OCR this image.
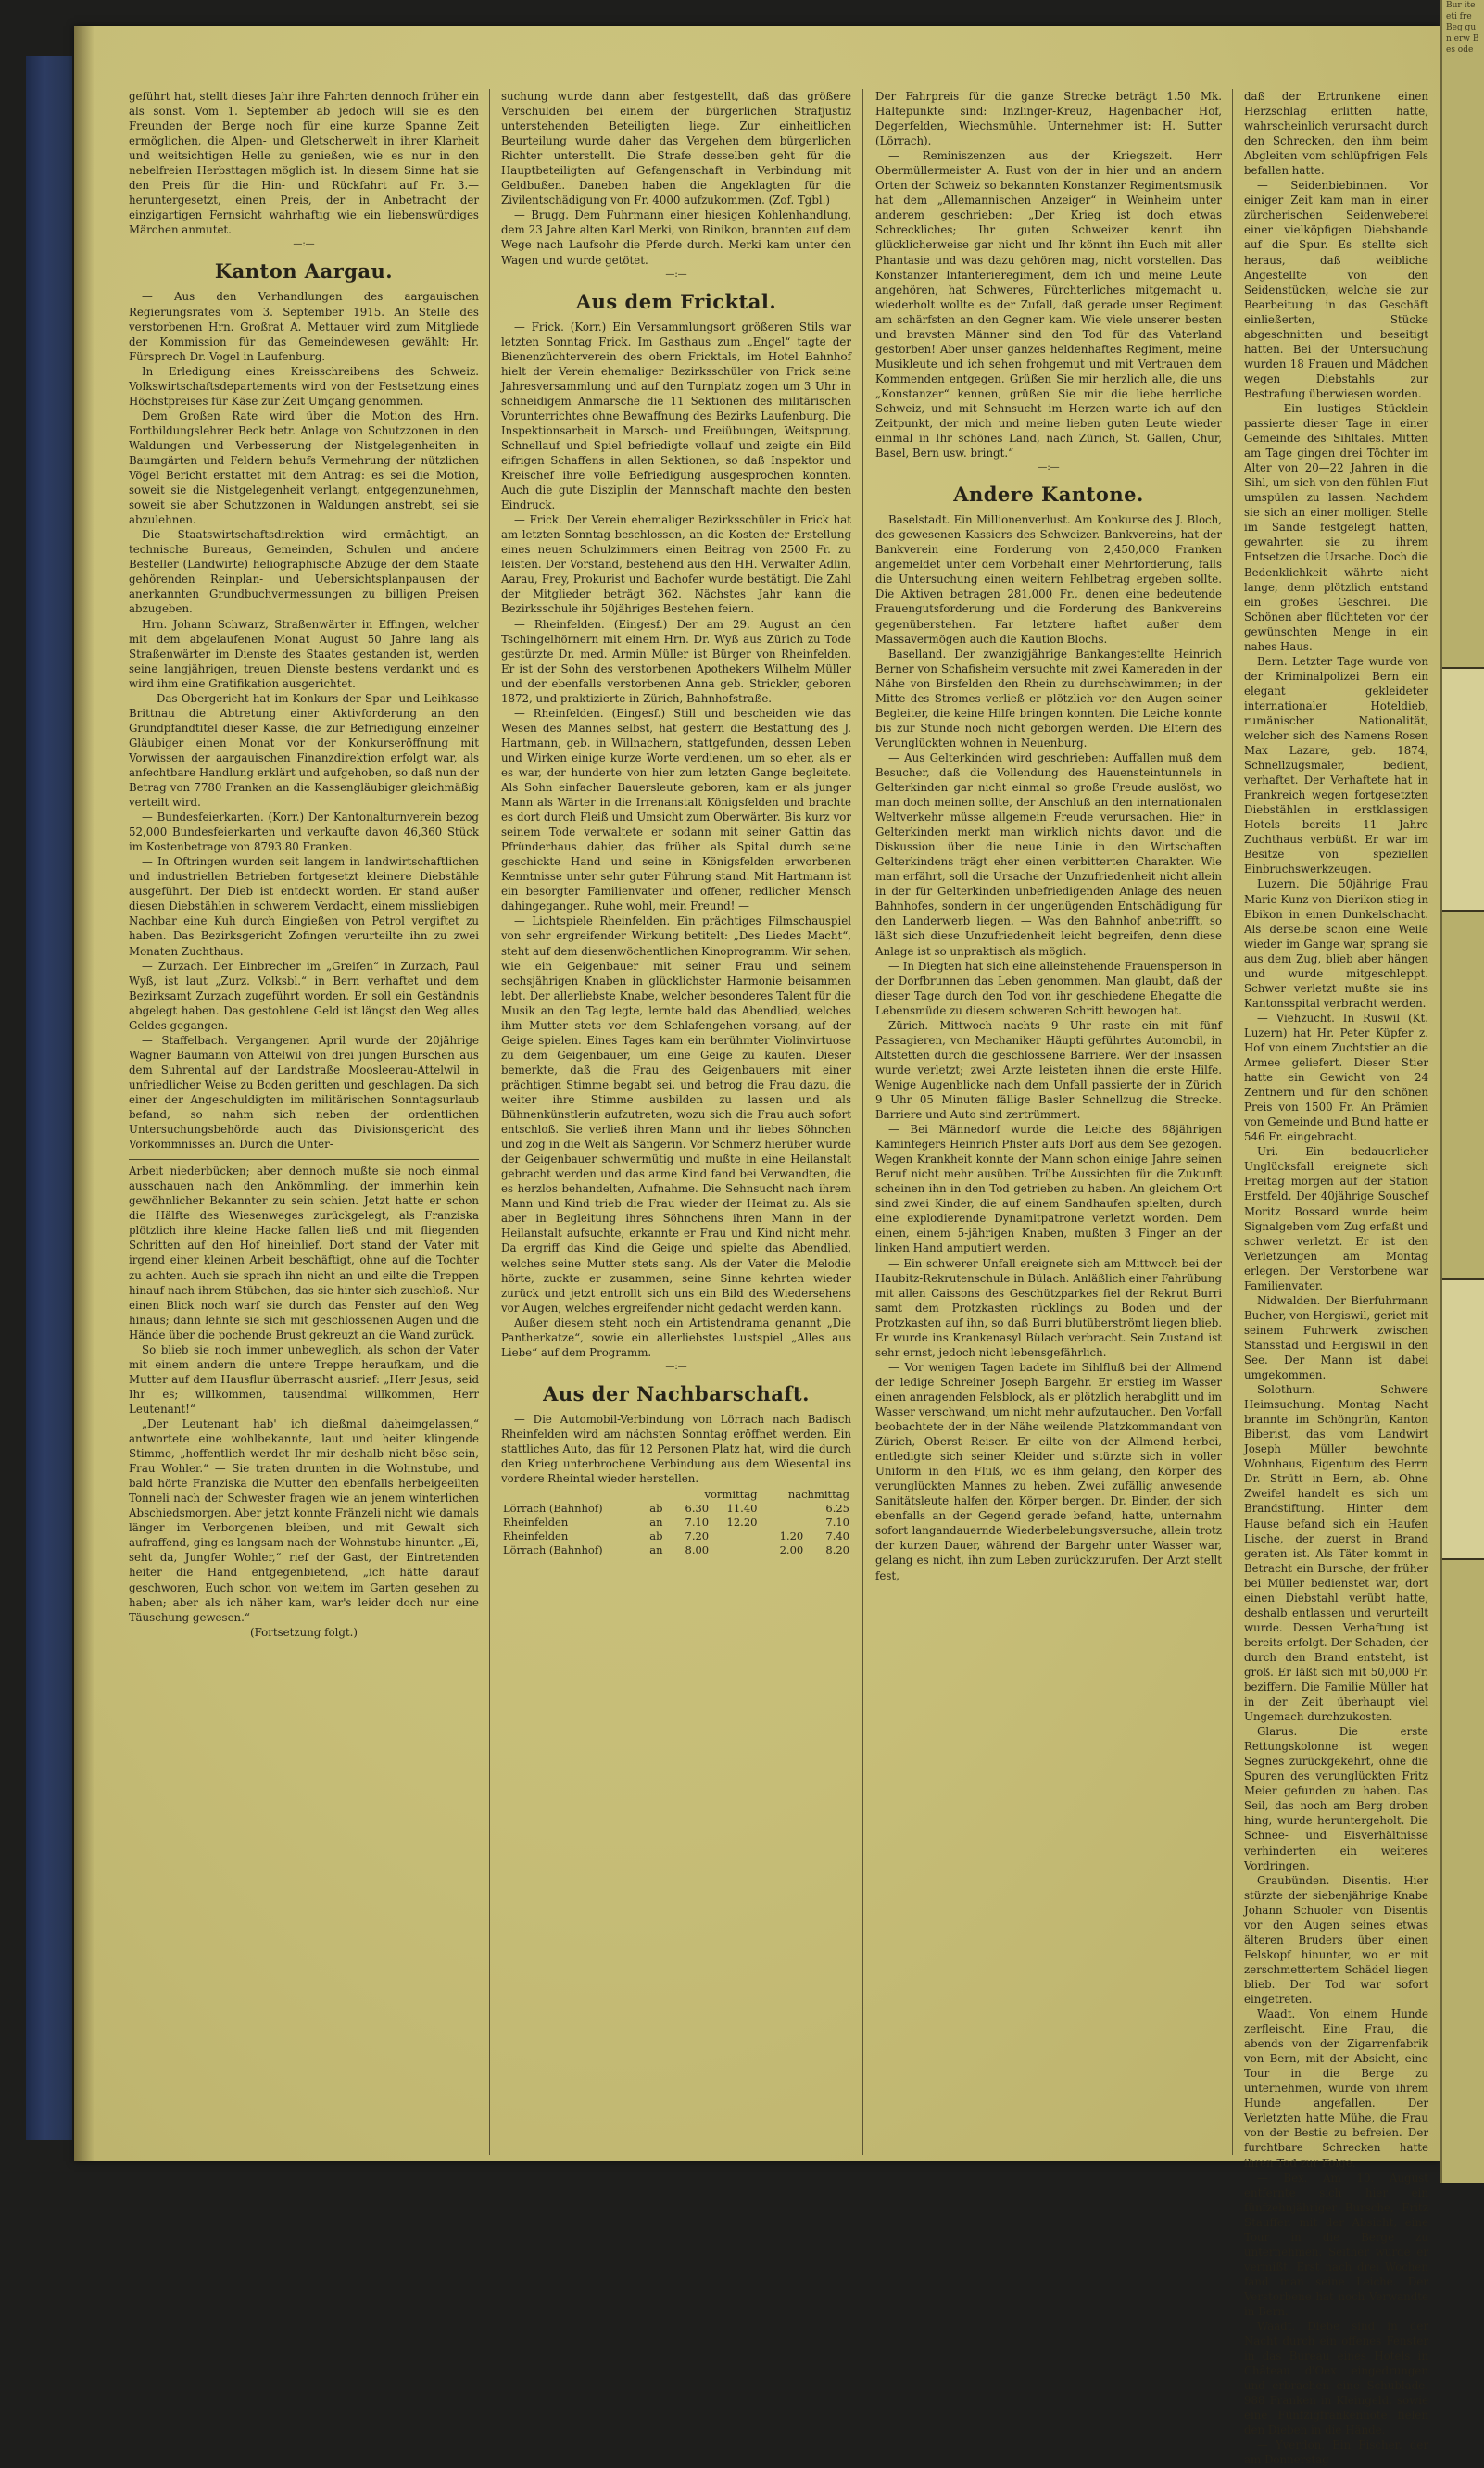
geführt hat, stellt dieses Jahr ihre Fahrten dennoch früher ein als sonst. Vom 1. September ab jedoch will sie es den Freunden der Berge noch für eine kurze Spanne Zeit ermöglichen, die Alpen- und Gletscherwelt in ihrer Klarheit und weitsichtigen Helle zu genießen, wie es nur in den nebelfreien Herbsttagen möglich ist. In diesem Sinne hat sie den Preis für die Hin- und Rückfahrt auf Fr. 3.— heruntergesetzt, einen Preis, der in Anbetracht der einzigartigen Fernsicht wahrhaftig wie ein liebenswürdiges Märchen anmutet.

—:—
Kanton Aargau.

— Aus den Verhandlungen des aargauischen Regierungsrates vom 3. September 1915. An Stelle des verstorbenen Hrn. Großrat A. Mettauer wird zum Mitgliede der Kommission für das Gemeindewesen gewählt: Hr. Fürsprech Dr. Vogel in Laufenburg.

In Erledigung eines Kreisschreibens des Schweiz. Volkswirtschaftsdepartements wird von der Festsetzung eines Höchstpreises für Käse zur Zeit Umgang genommen.

Dem Großen Rate wird über die Motion des Hrn. Fortbildungslehrer Beck betr. Anlage von Schutzzonen in den Waldungen und Verbesserung der Nistgelegenheiten in Baumgärten und Feldern behufs Vermehrung der nützlichen Vögel Bericht erstattet mit dem Antrag: es sei die Motion, soweit sie die Nistgelegenheit verlangt, entgegenzunehmen, soweit sie aber Schutzzonen in Waldungen anstrebt, sei sie abzulehnen.

Die Staatswirtschaftsdirektion wird ermächtigt, an technische Bureaus, Gemeinden, Schulen und andere Besteller (Landwirte) heliographische Abzüge der dem Staate gehörenden Reinplan- und Uebersichtsplanpausen der anerkannten Grundbuchvermessungen zu billigen Preisen abzugeben.

Hrn. Johann Schwarz, Straßenwärter in Effingen, welcher mit dem abgelaufenen Monat August 50 Jahre lang als Straßenwärter im Dienste des Staates gestanden ist, werden seine langjährigen, treuen Dienste bestens verdankt und es wird ihm eine Gratifikation ausgerichtet.

— Das Obergericht hat im Konkurs der Spar- und Leihkasse Brittnau die Abtretung einer Aktivforderung an den Grundpfandtitel dieser Kasse, die zur Befriedigung einzelner Gläubiger einen Monat vor der Konkurseröffnung mit Vorwissen der aargauischen Finanzdirektion erfolgt war, als anfechtbare Handlung erklärt und aufgehoben, so daß nun der Betrag von 7780 Franken an die Kassengläubiger gleichmäßig verteilt wird.

— Bundesfeierkarten. (Korr.) Der Kantonalturnverein bezog 52,000 Bundesfeierkarten und verkaufte davon 46,360 Stück im Kostenbetrage von 8793.80 Franken.

— In Oftringen wurden seit langem in landwirtschaftlichen und industriellen Betrieben fortgesetzt kleinere Diebstähle ausgeführt. Der Dieb ist entdeckt worden. Er stand außer diesen Diebstählen in schwerem Verdacht, einem missliebigen Nachbar eine Kuh durch Eingießen von Petrol vergiftet zu haben. Das Bezirksgericht Zofingen verurteilte ihn zu zwei Monaten Zuchthaus.

— Zurzach. Der Einbrecher im „Greifen“ in Zurzach, Paul Wyß, ist laut „Zurz. Volksbl.“ in Bern verhaftet und dem Bezirksamt Zurzach zugeführt worden. Er soll ein Geständnis abgelegt haben. Das gestohlene Geld ist längst den Weg alles Geldes gegangen.

— Staffelbach. Vergangenen April wurde der 20jährige Wagner Baumann von Attelwil von drei jungen Burschen aus dem Suhrental auf der Landstraße Moosleerau-Attelwil in unfriedlicher Weise zu Boden geritten und geschlagen. Da sich einer der Angeschuldigten im militärischen Sonntagsurlaub befand, so nahm sich neben der ordentlichen Untersuchungsbehörde auch das Divisionsgericht des Vorkommnisses an. Durch die Unter-

Arbeit niederbücken; aber dennoch mußte sie noch einmal ausschauen nach den Ankömmling, der immerhin kein gewöhnlicher Bekannter zu sein schien. Jetzt hatte er schon die Hälfte des Wiesenweges zurückgelegt, als Franziska plötzlich ihre kleine Hacke fallen ließ und mit fliegenden Schritten auf den Hof hineinlief. Dort stand der Vater mit irgend einer kleinen Arbeit beschäftigt, ohne auf die Tochter zu achten. Auch sie sprach ihn nicht an und eilte die Treppen hinauf nach ihrem Stübchen, das sie hinter sich zuschloß. Nur einen Blick noch warf sie durch das Fenster auf den Weg hinaus; dann lehnte sie sich mit geschlossenen Augen und die Hände über die pochende Brust gekreuzt an die Wand zurück.

So blieb sie noch immer unbeweglich, als schon der Vater mit einem andern die untere Treppe heraufkam, und die Mutter auf dem Hausflur überrascht ausrief: „Herr Jesus, seid Ihr es; willkommen, tausendmal willkommen, Herr Leutenant!“

„Der Leutenant hab' ich dießmal daheimgelassen,“ antwortete eine wohlbekannte, laut und heiter klingende Stimme, „hoffentlich werdet Ihr mir deshalb nicht böse sein, Frau Wohler.“ — Sie traten drunten in die Wohnstube, und bald hörte Franziska die Mutter den ebenfalls herbeigeeilten Tonneli nach der Schwester fragen wie an jenem winterlichen Abschiedsmorgen. Aber jetzt konnte Fränzeli nicht wie damals länger im Verborgenen bleiben, und mit Gewalt sich aufraffend, ging es langsam nach der Wohnstube hinunter. „Ei, seht da, Jungfer Wohler,“ rief der Gast, der Eintretenden heiter die Hand entgegenbietend, „ich hätte darauf geschworen, Euch schon von weitem im Garten gesehen zu haben; aber als ich näher kam, war's leider doch nur eine Täuschung gewesen.“

(Fortsetzung folgt.)

suchung wurde dann aber festgestellt, daß das größere Verschulden bei einem der bürgerlichen Strafjustiz unterstehenden Beteiligten liege. Zur einheitlichen Beurteilung wurde daher das Vergehen dem bürgerlichen Richter unterstellt. Die Strafe desselben geht für die Hauptbeteiligten auf Gefangenschaft in Verbindung mit Geldbußen. Daneben haben die Angeklagten für die Zivilentschädigung von Fr. 4000 aufzukommen. (Zof. Tgbl.)

— Brugg. Dem Fuhrmann einer hiesigen Kohlenhandlung, dem 23 Jahre alten Karl Merki, von Rinikon, brannten auf dem Wege nach Laufsohr die Pferde durch. Merki kam unter den Wagen und wurde getötet.

—:—
Aus dem Fricktal.

— Frick. (Korr.) Ein Versammlungsort größeren Stils war letzten Sonntag Frick. Im Gasthaus zum „Engel“ tagte der Bienenzüchterverein des obern Fricktals, im Hotel Bahnhof hielt der Verein ehemaliger Bezirksschüler von Frick seine Jahresversammlung und auf den Turnplatz zogen um 3 Uhr in schneidigem Anmarsche die 11 Sektionen des militärischen Vorunterrichtes ohne Bewaffnung des Bezirks Laufenburg. Die Inspektionsarbeit in Marsch- und Freiübungen, Weitsprung, Schnellauf und Spiel befriedigte vollauf und zeigte ein Bild eifrigen Schaffens in allen Sektionen, so daß Inspektor und Kreischef ihre volle Befriedigung ausgesprochen konnten. Auch die gute Disziplin der Mannschaft machte den besten Eindruck.

— Frick. Der Verein ehemaliger Bezirksschüler in Frick hat am letzten Sonntag beschlossen, an die Kosten der Erstellung eines neuen Schulzimmers einen Beitrag von 2500 Fr. zu leisten. Der Vorstand, bestehend aus den HH. Verwalter Adlin, Aarau, Frey, Prokurist und Bachofer wurde bestätigt. Die Zahl der Mitglieder beträgt 362. Nächstes Jahr kann die Bezirksschule ihr 50jähriges Bestehen feiern.

— Rheinfelden. (Eingesf.) Der am 29. August an den Tschingelhörnern mit einem Hrn. Dr. Wyß aus Zürich zu Tode gestürzte Dr. med. Armin Müller ist Bürger von Rheinfelden. Er ist der Sohn des verstorbenen Apothekers Wilhelm Müller und der ebenfalls verstorbenen Anna geb. Strickler, geboren 1872, und praktizierte in Zürich, Bahnhofstraße.

— Rheinfelden. (Eingesf.) Still und bescheiden wie das Wesen des Mannes selbst, hat gestern die Bestattung des J. Hartmann, geb. in Willnachern, stattgefunden, dessen Leben und Wirken einige kurze Worte verdienen, um so eher, als er es war, der hunderte von hier zum letzten Gange begleitete. Als Sohn einfacher Bauersleute geboren, kam er als junger Mann als Wärter in die Irrenanstalt Königsfelden und brachte es dort durch Fleiß und Umsicht zum Oberwärter. Bis kurz vor seinem Tode verwaltete er sodann mit seiner Gattin das Pfründerhaus dahier, das früher als Spital durch seine geschickte Hand und seine in Königsfelden erworbenen Kenntnisse unter sehr guter Führung stand. Mit Hartmann ist ein besorgter Familienvater und offener, redlicher Mensch dahingegangen. Ruhe wohl, mein Freund! —

— Lichtspiele Rheinfelden. Ein prächtiges Filmschauspiel von sehr ergreifender Wirkung betitelt: „Des Liedes Macht“, steht auf dem diesenwöchentlichen Kinoprogramm. Wir sehen, wie ein Geigenbauer mit seiner Frau und seinem sechsjährigen Knaben in glücklichster Harmonie beisammen lebt. Der allerliebste Knabe, welcher besonderes Talent für die Musik an den Tag legte, lernte bald das Abendlied, welches ihm Mutter stets vor dem Schlafengehen vorsang, auf der Geige spielen. Eines Tages kam ein berühmter Violinvirtuose zu dem Geigenbauer, um eine Geige zu kaufen. Dieser bemerkte, daß die Frau des Geigenbauers mit einer prächtigen Stimme begabt sei, und betrog die Frau dazu, die weiter ihre Stimme ausbilden zu lassen und als Bühnenkünstlerin aufzutreten, wozu sich die Frau auch sofort entschloß. Sie verließ ihren Mann und ihr liebes Söhnchen und zog in die Welt als Sängerin. Vor Schmerz hierüber wurde der Geigenbauer schwermütig und mußte in eine Heilanstalt gebracht werden und das arme Kind fand bei Verwandten, die es herzlos behandelten, Aufnahme. Die Sehnsucht nach ihrem Mann und Kind trieb die Frau wieder der Heimat zu. Als sie aber in Begleitung ihres Söhnchens ihren Mann in der Heilanstalt aufsuchte, erkannte er Frau und Kind nicht mehr. Da ergriff das Kind die Geige und spielte das Abendlied, welches seine Mutter stets sang. Als der Vater die Melodie hörte, zuckte er zusammen, seine Sinne kehrten wieder zurück und jetzt entrollt sich uns ein Bild des Wiedersehens vor Augen, welches ergreifender nicht gedacht werden kann.

Außer diesem steht noch ein Artistendrama genannt „Die Pantherkatze“, sowie ein allerliebstes Lustspiel „Alles aus Liebe“ auf dem Programm.

—:—
Aus der Nachbarschaft.

— Die Automobil-Verbindung von Lörrach nach Badisch Rheinfelden wird am nächsten Sonntag eröffnet werden. Ein stattliches Auto, das für 12 Personen Platz hat, wird die durch den Krieg unterbrochene Verbindung aus dem Wiesental ins vordere Rheintal wieder herstellen.

		vormittag		nachmittag	
Lörrach (Bahnhof)	ab	6.30	11.40		6.25
Rheinfelden	an	7.10	12.20		7.10
Rheinfelden	ab	7.20		1.20	7.40
Lörrach (Bahnhof)	an	8.00		2.00	8.20

Der Fahrpreis für die ganze Strecke beträgt 1.50 Mk. Haltepunkte sind: Inzlinger-Kreuz, Hagenbacher Hof, Degerfelden, Wiechsmühle. Unternehmer ist: H. Sutter (Lörrach).

— Reminiszenzen aus der Kriegszeit. Herr Obermüllermeister A. Rust von der in hier und an andern Orten der Schweiz so bekannten Konstanzer Regimentsmusik hat dem „Allemannischen Anzeiger“ in Weinheim unter anderem geschrieben: „Der Krieg ist doch etwas Schreckliches; Ihr guten Schweizer kennt ihn glücklicherweise gar nicht und Ihr könnt ihn Euch mit aller Phantasie und was dazu gehören mag, nicht vorstellen. Das Konstanzer Infanterieregiment, dem ich und meine Leute angehören, hat Schweres, Fürchterliches mitgemacht u. wiederholt wollte es der Zufall, daß gerade unser Regiment am schärfsten an den Gegner kam. Wie viele unserer besten und bravsten Männer sind den Tod für das Vaterland gestorben! Aber unser ganzes heldenhaftes Regiment, meine Musikleute und ich sehen frohgemut und mit Vertrauen dem Kommenden entgegen. Grüßen Sie mir herzlich alle, die uns „Konstanzer“ kennen, grüßen Sie mir die liebe herrliche Schweiz, und mit Sehnsucht im Herzen warte ich auf den Zeitpunkt, der mich und meine lieben guten Leute wieder einmal in Ihr schönes Land, nach Zürich, St. Gallen, Chur, Basel, Bern usw. bringt.“

—:—
Andere Kantone.

Baselstadt. Ein Millionenverlust. Am Konkurse des J. Bloch, des gewesenen Kassiers des Schweizer. Bankvereins, hat der Bankverein eine Forderung von 2,450,000 Franken angemeldet unter dem Vorbehalt einer Mehrforderung, falls die Untersuchung einen weitern Fehlbetrag ergeben sollte. Die Aktiven betragen 281,000 Fr., denen eine bedeutende Frauengutsforderung und die Forderung des Bankvereins gegenüberstehen. Far letztere haftet außer dem Massavermögen auch die Kaution Blochs.

Baselland. Der zwanzigjährige Bankangestellte Heinrich Berner von Schafisheim versuchte mit zwei Kameraden in der Nähe von Birsfelden den Rhein zu durchschwimmen; in der Mitte des Stromes verließ er plötzlich vor den Augen seiner Begleiter, die keine Hilfe bringen konnten. Die Leiche konnte bis zur Stunde noch nicht geborgen werden. Die Eltern des Verunglückten wohnen in Neuenburg.

— Aus Gelterkinden wird geschrieben: Auffallen muß dem Besucher, daß die Vollendung des Hauensteintunnels in Gelterkinden gar nicht einmal so große Freude auslöst, wo man doch meinen sollte, der Anschluß an den internationalen Weltverkehr müsse allgemein Freude verursachen. Hier in Gelterkinden merkt man wirklich nichts davon und die Diskussion über die neue Linie in den Wirtschaften Gelterkindens trägt eher einen verbitterten Charakter. Wie man erfährt, soll die Ursache der Unzufriedenheit nicht allein in der für Gelterkinden unbefriedigenden Anlage des neuen Bahnhofes, sondern in der ungenügenden Entschädigung für den Landerwerb liegen. — Was den Bahnhof anbetrifft, so läßt sich diese Unzufriedenheit leicht begreifen, denn diese Anlage ist so unpraktisch als möglich.

— In Diegten hat sich eine alleinstehende Frauensperson in der Dorfbrunnen das Leben genommen. Man glaubt, daß der dieser Tage durch den Tod von ihr geschiedene Ehegatte die Lebensmüde zu diesem schweren Schritt bewogen hat.

Zürich. Mittwoch nachts 9 Uhr raste ein mit fünf Passagieren, von Mechaniker Häupti geführtes Automobil, in Altstetten durch die geschlossene Barriere. Wer der Insassen wurde verletzt; zwei Arzte leisteten ihnen die erste Hilfe. Wenige Augenblicke nach dem Unfall passierte der in Zürich 9 Uhr 05 Minuten fällige Basler Schnellzug die Strecke. Barriere und Auto sind zertrümmert.

— Bei Männedorf wurde die Leiche des 68jährigen Kaminfegers Heinrich Pfister aufs Dorf aus dem See gezogen. Wegen Krankheit konnte der Mann schon einige Jahre seinen Beruf nicht mehr ausüben. Trübe Aussichten für die Zukunft scheinen ihn in den Tod getrieben zu haben. An gleichem Ort sind zwei Kinder, die auf einem Sandhaufen spielten, durch eine explodierende Dynamitpatrone verletzt worden. Dem einen, einem 5-jährigen Knaben, mußten 3 Finger an der linken Hand amputiert werden.

— Ein schwerer Unfall ereignete sich am Mittwoch bei der Haubitz-Rekrutenschule in Bülach. Anläßlich einer Fahrübung mit allen Caissons des Geschützparkes fiel der Rekrut Burri samt dem Protzkasten rücklings zu Boden und der Protzkasten auf ihn, so daß Burri blutüberströmt liegen blieb. Er wurde ins Krankenasyl Bülach verbracht. Sein Zustand ist sehr ernst, jedoch nicht lebensgefährlich.

— Vor wenigen Tagen badete im Sihlfluß bei der Allmend der ledige Schreiner Joseph Bargehr. Er erstieg im Wasser einen anragenden Felsblock, als er plötzlich herabglitt und im Wasser verschwand, um nicht mehr aufzutauchen. Den Vorfall beobachtete der in der Nähe weilende Platzkommandant von Zürich, Oberst Reiser. Er eilte von der Allmend herbei, entledigte sich seiner Kleider und stürzte sich in voller Uniform in den Fluß, wo es ihm gelang, den Körper des verunglückten Mannes zu heben. Zwei zufällig anwesende Sanitätsleute halfen den Körper bergen. Dr. Binder, der sich ebenfalls an der Gegend gerade befand, hatte, unternahm sofort langandauernde Wiederbelebungsversuche, allein trotz der kurzen Dauer, während der Bargehr unter Wasser war, gelang es nicht, ihn zum Leben zurückzurufen. Der Arzt stellt fest,

daß der Ertrunkene einen Herzschlag erlitten hatte, wahrscheinlich verursacht durch den Schrecken, den ihm beim Abgleiten vom schlüpfrigen Fels befallen hatte.

— Seidenbiebinnen. Vor einiger Zeit kam man in einer zürcherischen Seidenweberei einer vielköpfigen Diebsbande auf die Spur. Es stellte sich heraus, daß weibliche Angestellte von den Seidenstücken, welche sie zur Bearbeitung in das Geschäft einließerten, Stücke abgeschnitten und beseitigt hatten. Bei der Untersuchung wurden 18 Frauen und Mädchen wegen Diebstahls zur Bestrafung überwiesen worden.

— Ein lustiges Stücklein passierte dieser Tage in einer Gemeinde des Sihltales. Mitten am Tage gingen drei Töchter im Alter von 20—22 Jahren in die Sihl, um sich von den fühlen Flut umspülen zu lassen. Nachdem sie sich an einer molligen Stelle im Sande festgelegt hatten, gewahrten sie zu ihrem Entsetzen die Ursache. Doch die Bedenklichkeit währte nicht lange, denn plötzlich entstand ein großes Geschrei. Die Schönen aber flüchteten vor der gewünschten Menge in ein nahes Haus.

Bern. Letzter Tage wurde von der Kriminalpolizei Bern ein elegant gekleideter internationaler Hoteldieb, rumänischer Nationalität, welcher sich des Namens Rosen Max Lazare, geb. 1874, Schnellzugsmaler, bedient, verhaftet. Der Verhaftete hat in Frankreich wegen fortgesetzten Diebstählen in erstklassigen Hotels bereits 11 Jahre Zuchthaus verbüßt. Er war im Besitze von speziellen Einbruchswerkzeugen.

Luzern. Die 50jährige Frau Marie Kunz von Dierikon stieg in Ebikon in einen Dunkelschacht. Als derselbe schon eine Weile wieder im Gange war, sprang sie aus dem Zug, blieb aber hängen und wurde mitgeschleppt. Schwer verletzt mußte sie ins Kantonsspital verbracht werden.

— Viehzucht. In Ruswil (Kt. Luzern) hat Hr. Peter Küpfer z. Hof von einem Zuchtstier an die Armee geliefert. Dieser Stier hatte ein Gewicht von 24 Zentnern und für den schönen Preis von 1500 Fr. An Prämien von Gemeinde und Bund hatte er 546 Fr. eingebracht.

Uri. Ein bedauerlicher Unglücksfall ereignete sich Freitag morgen auf der Station Erstfeld. Der 40jährige Souschef Moritz Bossard wurde beim Signalgeben vom Zug erfaßt und schwer verletzt. Er ist den Verletzungen am Montag erlegen. Der Verstorbene war Familienvater.

Nidwalden. Der Bierfuhrmann Bucher, von Hergiswil, geriet mit seinem Fuhrwerk zwischen Stansstad und Hergiswil in den See. Der Mann ist dabei umgekommen.

Solothurn. Schwere Heimsuchung. Montag Nacht brannte im Schöngrün, Kanton Biberist, das vom Landwirt Joseph Müller bewohnte Wohnhaus, Eigentum des Herrn Dr. Strütt in Bern, ab. Ohne Zweifel handelt es sich um Brandstiftung. Hinter dem Hause befand sich ein Haufen Lische, der zuerst in Brand geraten ist. Als Täter kommt in Betracht ein Bursche, der früher bei Müller bedienstet war, dort einen Diebstahl verübt hatte, deshalb entlassen und verurteilt wurde. Dessen Verhaftung ist bereits erfolgt. Der Schaden, der durch den Brand entsteht, ist groß. Er läßt sich mit 50,000 Fr. beziffern. Die Familie Müller hat in der Zeit überhaupt viel Ungemach durchzukosten.

Glarus. Die erste Rettungskolonne ist wegen Segnes zurückgekehrt, ohne die Spuren des verunglückten Fritz Meier gefunden zu haben. Das Seil, das noch am Berg droben hing, wurde heruntergeholt. Die Schnee- und Eisverhältnisse verhinderten ein weiteres Vordringen.

Graubünden. Disentis. Hier stürzte der siebenjährige Knabe Johann Schuoler von Disentis vor den Augen seines etwas älteren Bruders über einen Felskopf hinunter, wo er mit zerschmettertem Schädel liegen blieb. Der Tod war sofort eingetreten.

Waadt. Von einem Hunde zerfleischt. Eine Frau, die abends von der Zigarrenfabrik von Bern, mit der Absicht, eine Tour in die Berge zu unternehmen, wurde von ihrem Hunde angefallen. Der Verletzten hatte Mühe, die Frau von der Bestie zu befreien. Der furchtbare Schrecken hatte ihren Tod zur Folge.

— Bex. Am 10. August entfernte sich hier ein fünfzehnjähriger Bursche, Fritz Stauffer, mit der Absicht, eine Tour in die Berge zu unternehmen. Seither wurde er vermißt. Erst nach drei Wochen fand man seine Leiche. Der Verstorbene hat noch Verwandte in Bern.

Waadt. Diebe sind in der Nacht durch ein offenes Fenster in das Bureau eines Hotels in Château d'Oex eingedrungen und erbrachen eine Schublade. 988 Franken in Kleingeld, sowie eine Fünfzigfrankennote fielen den Dieben in die Hände.

— Yverdon. Ein Fischer, der am Donnerstag

Bur ite eti fre Beg gun erw Bes ode
